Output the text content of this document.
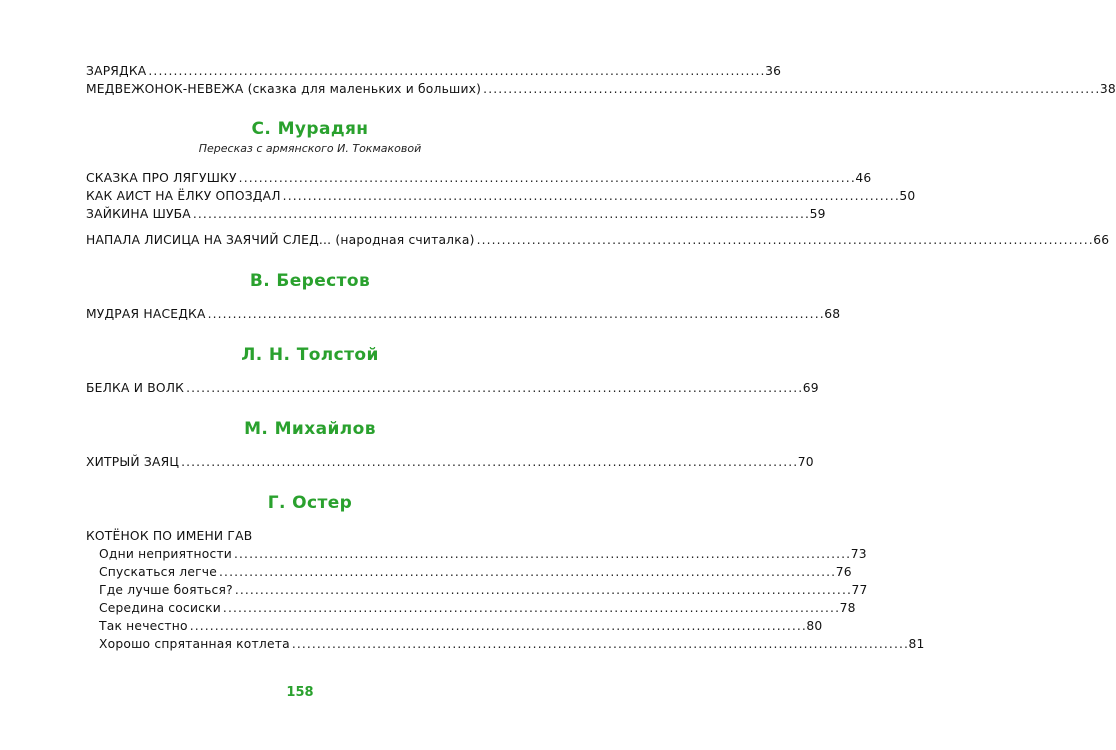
ЗАРЯДКА . . .	36
МЕДВЕЖОНОК-НЕВЕЖА (сказка для маленьких и больших) . . .	38
С. Мурадян
Пересказ с армянского И. Токмаковой
СКАЗКА ПРО ЛЯГУШКУ . . .	46
КАК АИСТ НА ЁЛКУ ОПОЗДАЛ . . .	50
ЗАЙКИНА ШУБА . . .	59
НАПАЛА ЛИСИЦА НА ЗАЯЧИЙ СЛЕД... (народная считалка) . . .	66
В. Берестов
МУДРАЯ НАСЕДКА . . .	68
Л. Н. Толстой
БЕЛКА И ВОЛК . . .	69
М. Михайлов
ХИТРЫЙ ЗАЯЦ . . .	70
Г. Остер
КОТЁНОК ПО ИМЕНИ ГАВ
Одни неприятности . . .	73
Спускаться легче . . .	76
Где лучше бояться? . . .	77
Середина сосиски . . .	78
Так нечестно . . .	80
Хорошо спрятанная котлета . . .	81
158
